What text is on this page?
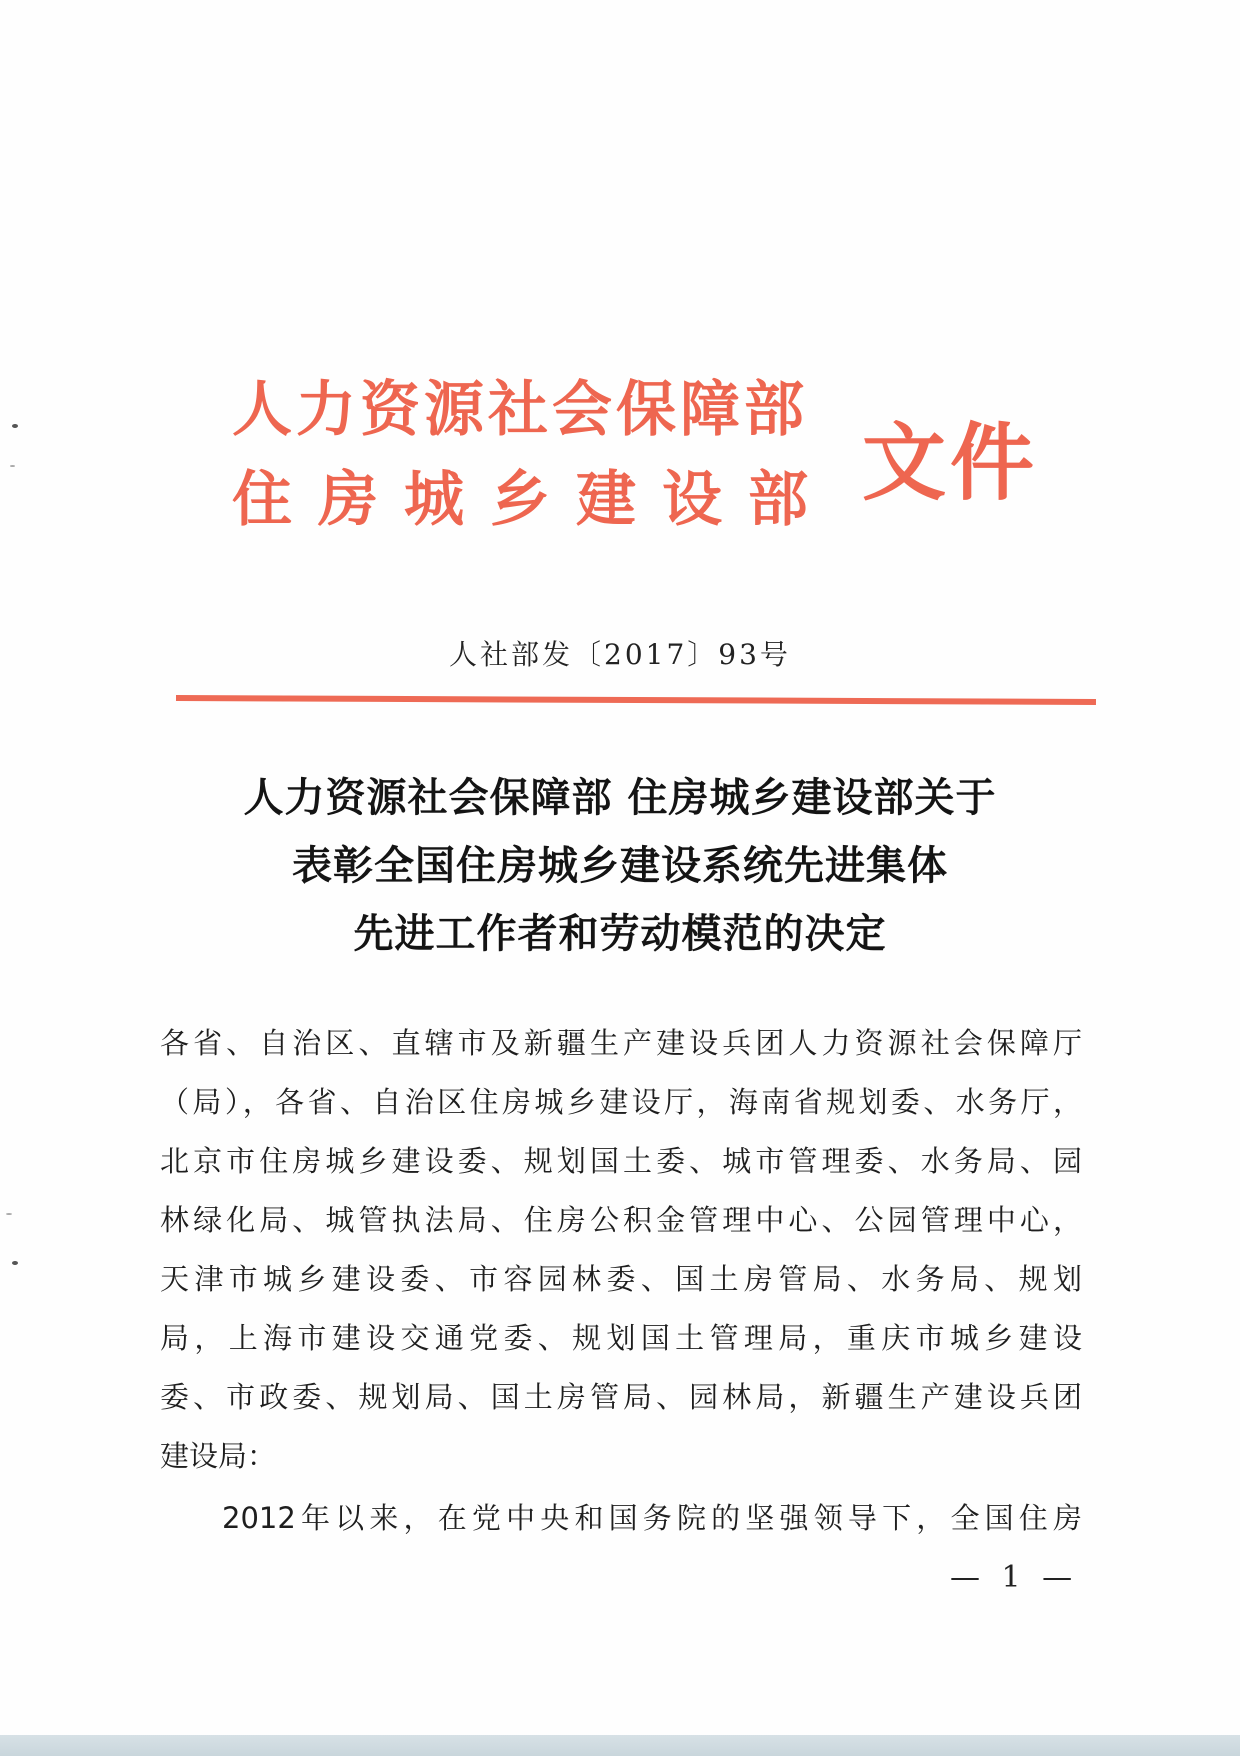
人力资源社会保障部
住房城乡建设部 文件
人社部发〔2017〕93号
人力资源社会保障部 住房城乡建设部关于
表彰全国住房城乡建设系统先进集体
先进工作者和劳动模范的决定
各省、自治区、直辖市及新疆生产建设兵团人力资源社会保障厅
（局），各省、自治区住房城乡建设厅，海南省规划委、水务厅，
北京市住房城乡建设委、规划国土委、城市管理委、水务局、园
林绿化局、城管执法局、住房公积金管理中心、公园管理中心，
天津市城乡建设委、市容园林委、国土房管局、水务局、规划
局，上海市建设交通党委、规划国土管理局，重庆市城乡建设
委、市政委、规划局、国土房管局、园林局，新疆生产建设兵团
建设局：
2012年以来，在党中央和国务院的坚强领导下，全国住房
— 1 —
